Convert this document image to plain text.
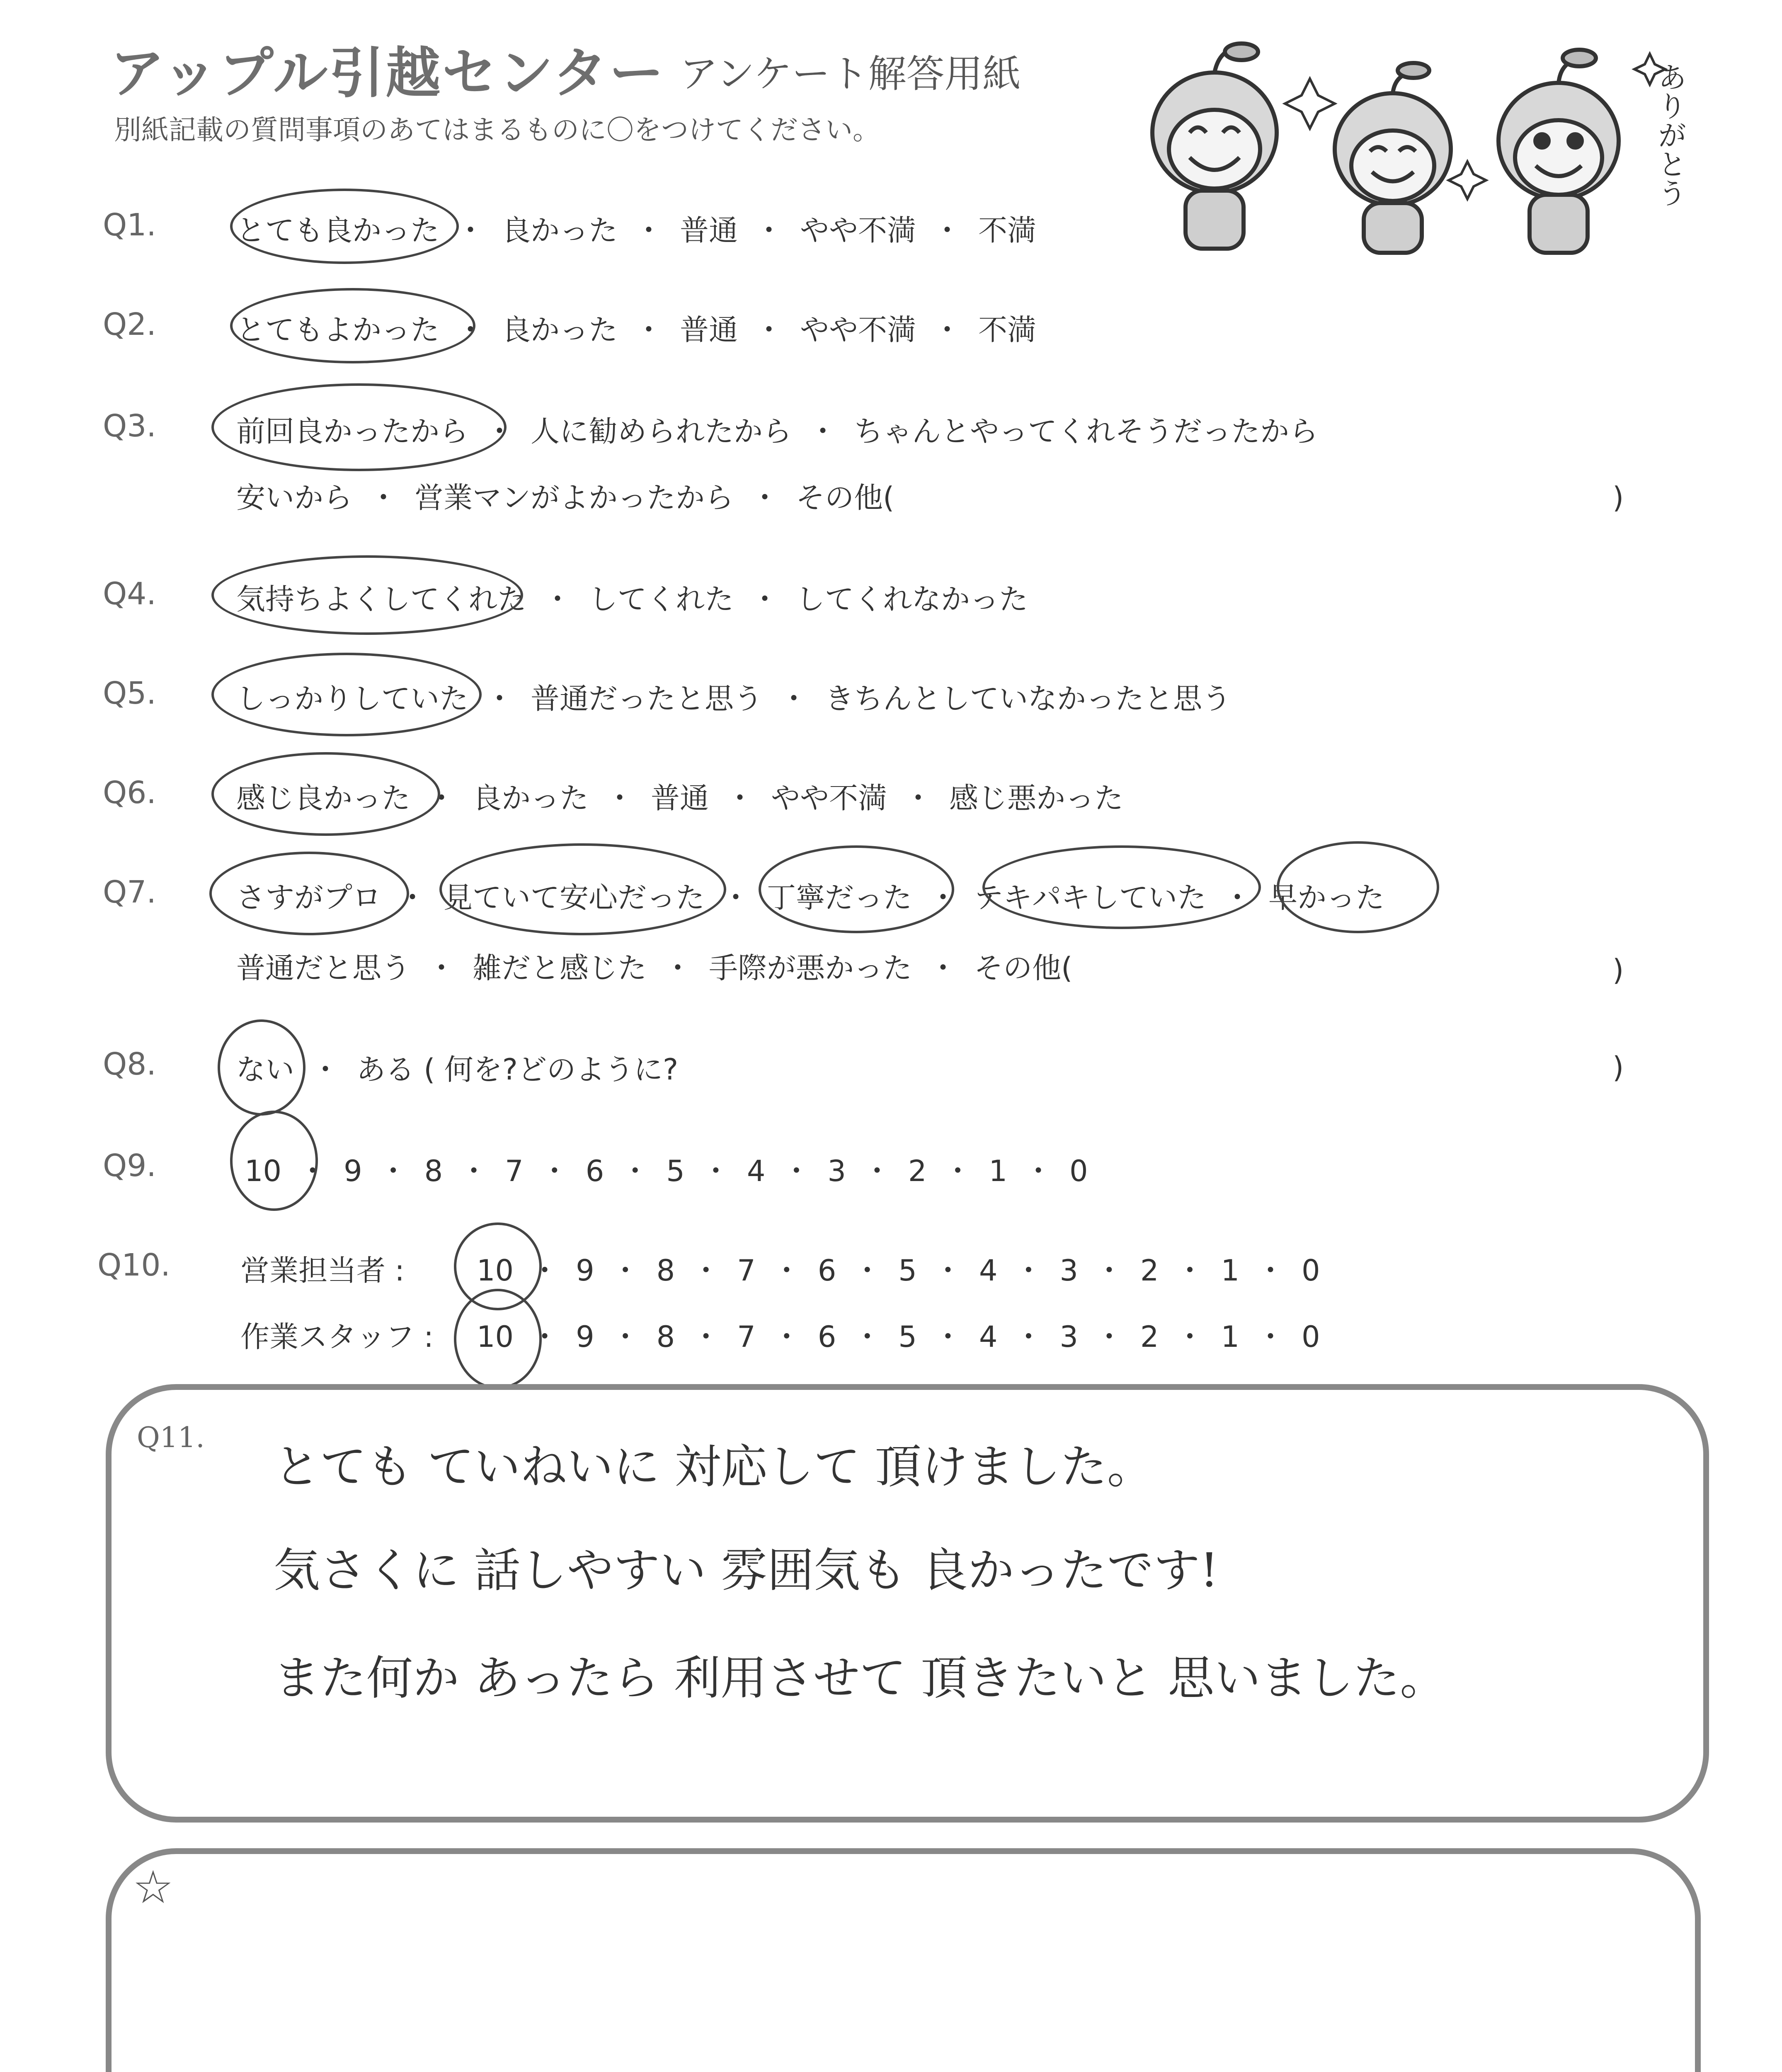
アップル引越センター アンケート解答用紙
別紙記載の質問事項のあてはまるものに〇をつけてください。	ありがとう
Q1.	とても良かった ・ 良かった ・ 普通 ・ やや不満 ・ 不満
Q2.	とてもよかった ・ 良かった ・ 普通 ・ やや不満 ・ 不満
Q3.	前回良かったから ・ 人に勧められたから ・ ちゃんとやってくれそうだったから
安いから ・ 営業マンがよかったから ・ その他(	)
Q4.	気持ちよくしてくれた ・ してくれた ・ してくれなかった
Q5.	しっかりしていた ・ 普通だったと思う ・ きちんとしていなかったと思う
Q6.	感じ良かった ・ 良かった ・ 普通 ・ やや不満 ・ 感じ悪かった
Q7.	さすがプロ ・ 見ていて安心だった ・ 丁寧だった ・ テキパキしていた ・ 早かった
普通だと思う ・ 雑だと感じた ・ 手際が悪かった ・ その他(	)
Q8.	ない ・ ある ( 何を?どのように?	)
Q9.	10 ・ 9 ・ 8 ・ 7 ・ 6 ・ 5 ・ 4 ・ 3 ・ 2 ・ 1 ・ 0
Q10. 営業担当者 : 10 ・ 9 ・ 8 ・ 7 ・ 6 ・ 5 ・ 4 ・ 3 ・ 2 ・ 1 ・ 0
作業スタッフ : 10 ・ 9 ・ 8 ・ 7 ・ 6 ・ 5 ・ 4 ・ 3 ・ 2 ・ 1 ・ 0
Q11.
とても ていねいに 対応して 頂けました。
気さくに 話しやすい 雰囲気も 良かったです!
また何か あったら 利用させて 頂きたいと 思いました。
☆
